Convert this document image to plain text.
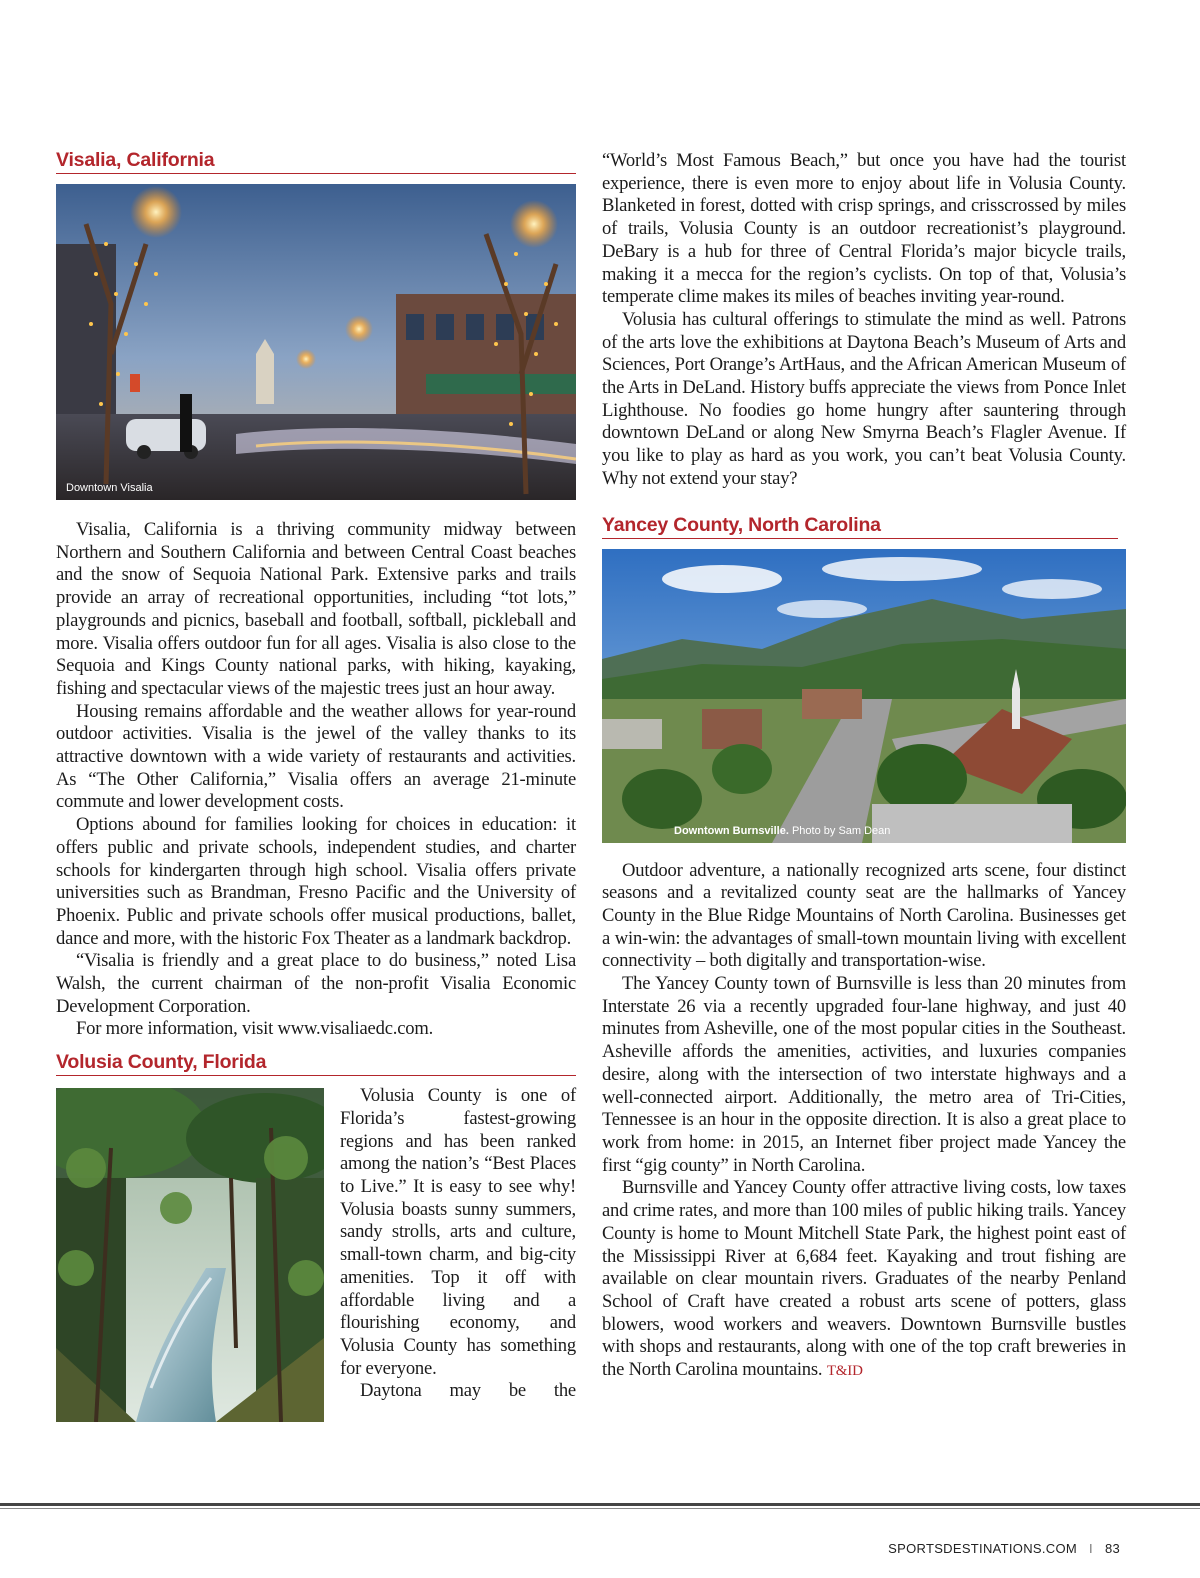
Visalia, California
Downtown Visalia

Visalia, California is a thriving community midway between Northern and Southern California and between Central Coast beaches and the snow of Sequoia National Park. Extensive parks and trails provide an array of recreational opportunities, including “tot lots,” playgrounds and picnics, baseball and football, softball, pickleball and more. Visalia offers outdoor fun for all ages. Visalia is also close to the Sequoia and Kings County national parks, with hiking, kayaking, fishing and spectacular views of the majestic trees just an hour away.

Housing remains affordable and the weather allows for year-round outdoor activities. Visalia is the jewel of the valley thanks to its attractive downtown with a wide variety of restaurants and activities. As “The Other California,” Visalia offers an average 21-minute commute and lower development costs.

Options abound for families looking for choices in education: it offers public and private schools, independent studies, and charter schools for kindergarten through high school. Visalia offers private universities such as Brandman, Fresno Pacific and the University of Phoenix. Public and private schools offer musical productions, ballet, dance and more, with the historic Fox Theater as a landmark backdrop.

“Visalia is friendly and a great place to do business,” noted Lisa Walsh, the current chairman of the non-profit Visalia Economic Development Corporation.

For more information, visit www.visaliaedc.com.

Volusia County, Florida

Volusia County is one of Florida’s fastest-growing regions and has been ranked among the nation’s “Best Places to Live.” It is easy to see why! Volusia boasts sunny summers, sandy strolls, arts and culture, small-town charm, and big-city amenities. Top it off with affordable living and a flourishing economy, and Volusia County has something for everyone.

Daytona may be the

“World’s Most Famous Beach,” but once you have had the tourist experience, there is even more to enjoy about life in Volusia County. Blanketed in forest, dotted with crisp springs, and crisscrossed by miles of trails, Volusia County is an outdoor recreationist’s playground. DeBary is a hub for three of Central Florida’s major bicycle trails, making it a mecca for the region’s cyclists. On top of that, Volusia’s temperate clime makes its miles of beaches inviting year-round.

Volusia has cultural offerings to stimulate the mind as well. Patrons of the arts love the exhibitions at Daytona Beach’s Museum of Arts and Sciences, Port Orange’s ArtHaus, and the African American Museum of the Arts in DeLand. History buffs appreciate the views from Ponce Inlet Lighthouse. No foodies go home hungry after sauntering through downtown DeLand or along New Smyrna Beach’s Flagler Avenue. If you like to play as hard as you work, you can’t beat Volusia County. Why not extend your stay?

Yancey County, North Carolina
Downtown Burnsville. Photo by Sam Dean

Outdoor adventure, a nationally recognized arts scene, four distinct seasons and a revitalized county seat are the hallmarks of Yancey County in the Blue Ridge Mountains of North Carolina. Businesses get a win-win: the advantages of small-town mountain living with excellent connectivity – both digitally and transportation-wise.

The Yancey County town of Burnsville is less than 20 minutes from Interstate 26 via a recently upgraded four-lane highway, and just 40 minutes from Asheville, one of the most popular cities in the Southeast. Asheville affords the amenities, activities, and luxuries companies desire, along with the intersection of two interstate highways and a well-connected airport. Additionally, the metro area of Tri-Cities, Tennessee is an hour in the opposite direction. It is also a great place to work from home: in 2015, an Internet fiber project made Yancey the first “gig county” in North Carolina.

Burnsville and Yancey County offer attractive living costs, low taxes and crime rates, and more than 100 miles of public hiking trails. Yancey County is home to Mount Mitchell State Park, the highest point east of the Mississippi River at 6,684 feet. Kayaking and trout fishing are available on clear mountain rivers. Graduates of the nearby Penland School of Craft have created a robust arts scene of potters, glass blowers, wood workers and weavers. Downtown Burnsville bustles with shops and restaurants, along with one of the top craft breweries in the North Carolina mountains. T&ID

SPORTSDESTINATIONS.COM I 83
